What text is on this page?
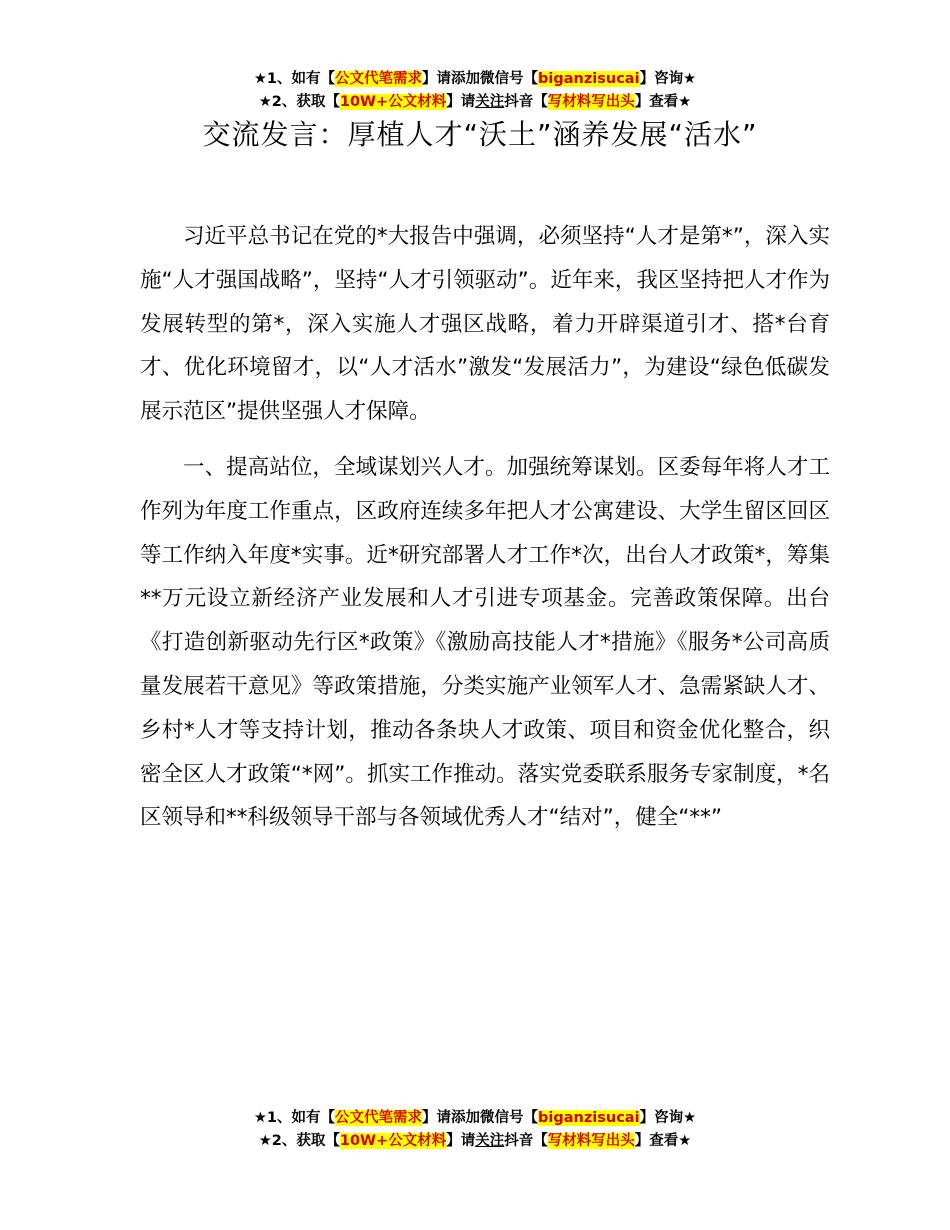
★1、如有【公文代笔需求】请添加微信号【biganzisucai】咨询★
★2、获取【10W+公文材料】请关注抖音【写材料写出头】查看★
交流发言：厚植人才“沃土”涵养发展“活水”

习近平总书记在党的*大报告中强调，必须坚持“人才是第*”，深入实施“人才强国战略”，坚持“人才引领驱动”。近年来，我区坚持把人才作为发展转型的第*，深入实施人才强区战略，着力开辟渠道引才、搭*台育才、优化环境留才，以“人才活水”激发“发展活力”，为建设“绿色低碳发展示范区”提供坚强人才保障。

一、提高站位，全域谋划兴人才。加强统筹谋划。区委每年将人才工作列为年度工作重点，区政府连续多年把人才公寓建设、大学生留区回区等工作纳入年度*实事。近*研究部署人才工作*次，出台人才政策*，筹集**万元设立新经济产业发展和人才引进专项基金。完善政策保障。出台《打造创新驱动先行区*政策》《激励高技能人才*措施》《服务*公司高质量发展若干意见》等政策措施，分类实施产业领军人才、急需紧缺人才、乡村*人才等支持计划，推动各条块人才政策、项目和资金优化整合，织密全区人才政策“*网”。抓实工作推动。落实党委联系服务专家制度，*名区领导和**科级领导干部与各领域优秀人才“结对”，健全“**”

★1、如有【公文代笔需求】请添加微信号【biganzisucai】咨询★
★2、获取【10W+公文材料】请关注抖音【写材料写出头】查看★
